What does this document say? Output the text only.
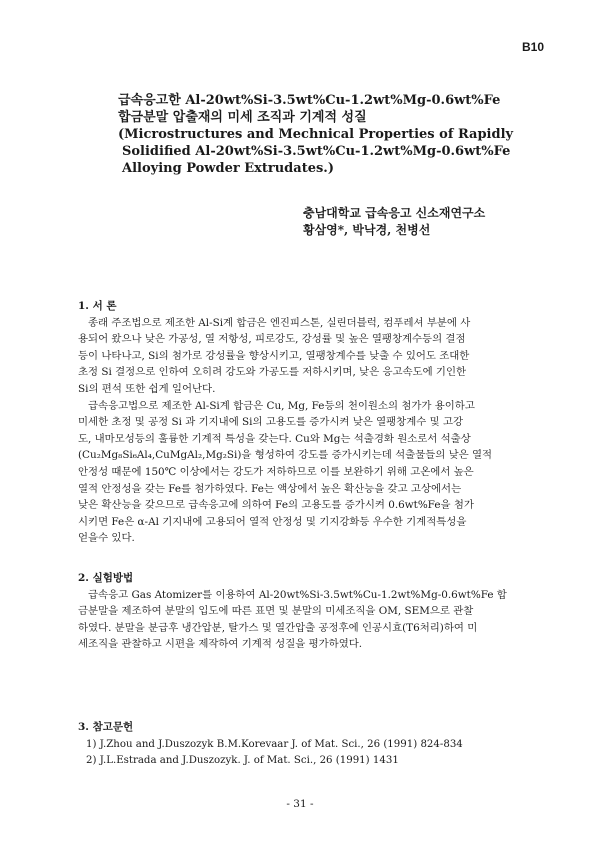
B10
급속응고한 Al-20wt%Si-3.5wt%Cu-1.2wt%Mg-0.6wt%Fe
합금분말 압출재의 미세 조직과 기계적 성질
(Microstructures and Mechnical Properties of Rapidly
Solidified Al-20wt%Si-3.5wt%Cu-1.2wt%Mg-0.6wt%Fe
Alloying Powder Extrudates.)
충남대학교 급속응고 신소재연구소
황삼영*, 박낙경, 천병선
1. 서 론
종래 주조법으로 제조한 Al-Si계 합금은 엔진피스톤, 실린더블럭, 컴푸레셔 부분에 사
용되어 왔으나 낮은 가공성, 열 저항성, 피로강도, 강성률 및 높은 열팽창계수등의 결점
등이 나타나고, Si의 첨가로 강성률을 향상시키고, 열팽창계수를 낮출 수 있어도 조대한
초정 Si 결정으로 인하여 오히려 강도와 가공도를 저하시키며, 낮은 응고속도에 기인한
Si의 편석 또한 쉽게 일어난다.
급속응고법으로 제조한 Al-Si계 합금은 Cu, Mg, Fe등의 천이원소의 첨가가 용이하고
미세한 초정 및 공정 Si 과 기지내에 Si의 고용도를 증가시켜 낮은 열팽창계수 및 고강
도, 내마모성등의 훌륭한 기계적 특성을 갖는다. Cu와 Mg는 석출경화 원소로서 석출상
(Cu₂Mg₈Si₆Al₄,CuMgAl₂,Mg₂Si)을 형성하여 강도를 증가시키는데 석출물들의 낮은 열적
안정성 때문에 150℃ 이상에서는 강도가 저하하므로 이를 보완하기 위해 고온에서 높은
열적 안정성을 갖는 Fe를 첨가하였다. Fe는 액상에서 높은 확산능을 갖고 고상에서는
낮은 확산능을 갖으므로 급속응고에 의하여 Fe의 고용도를 증가시켜 0.6wt%Fe을 첨가
시키면 Fe은 α-Al 기지내에 고용되어 열적 안정성 및 기지강화등 우수한 기계적특성을
얻을수 있다.
2. 실험방법
급속응고 Gas Atomizer를 이용하여 Al-20wt%Si-3.5wt%Cu-1.2wt%Mg-0.6wt%Fe 합
금분말을 제조하여 분말의 입도에 따른 표면 및 분말의 미세조직을 OM, SEM으로 관찰
하였다. 분말을 분급후 냉간압분, 탈가스 및 열간압출 공정후에 인공시효(T6처리)하여 미
세조직을 관찰하고 시편을 제작하여 기계적 성질을 평가하였다.
3. 참고문헌
1) J.Zhou and J.Duszozyk B.M.Korevaar J. of Mat. Sci., 26 (1991) 824-834
2) J.L.Estrada and J.Duszozyk. J. of Mat. Sci., 26 (1991) 1431
- 31 -
